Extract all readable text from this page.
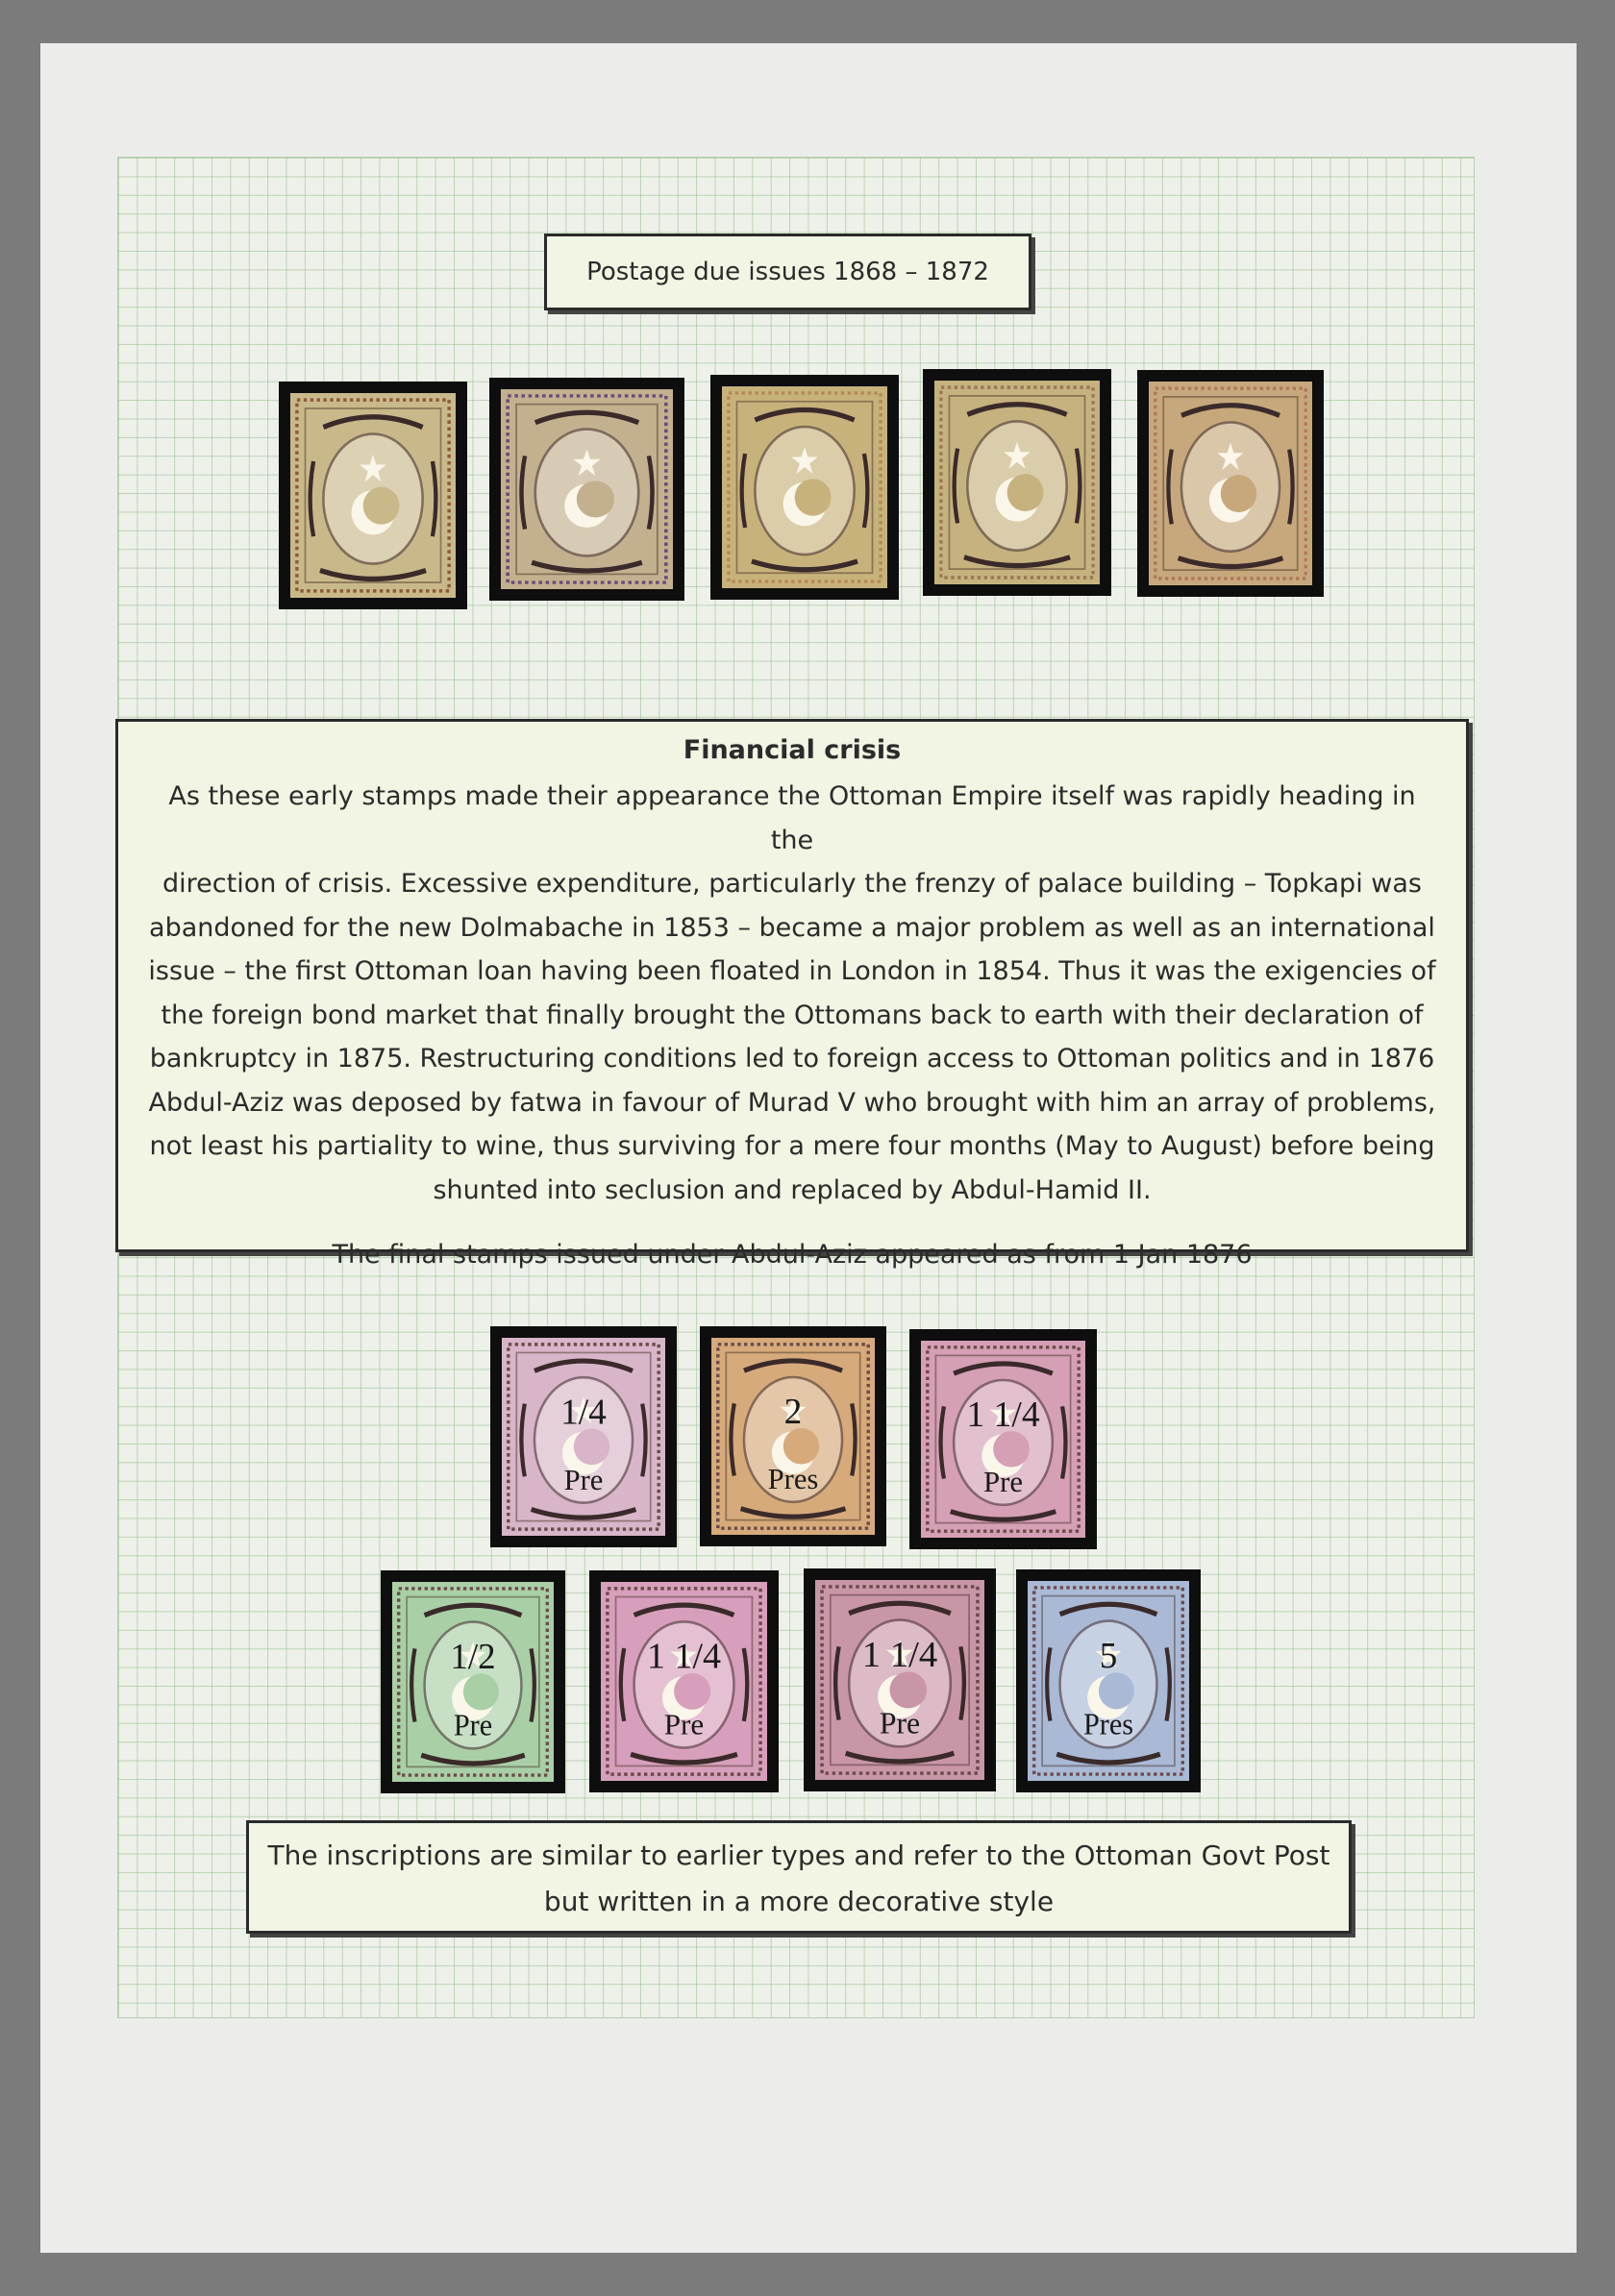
Postage due issues 1868 – 1872
Financial crisis

As these early stamps made their appearance the Ottoman Empire itself was rapidly heading in the
direction of crisis. Excessive expenditure, particularly the frenzy of palace building – Topkapi was
abandoned for the new Dolmabache in 1853 – became a major problem as well as an international
issue – the first Ottoman loan having been floated in London in 1854. Thus it was the exigencies of
the foreign bond market that finally brought the Ottomans back to earth with their declaration of
bankruptcy in 1875. Restructuring conditions led to foreign access to Ottoman politics and in 1876
Abdul-Aziz was deposed by fatwa in favour of Murad V who brought with him an array of problems,
not least his partiality to wine, thus surviving for a mere four months (May to August) before being
shunted into seclusion and replaced by Abdul-Hamid II.

The final stamps issued under Abdul-Aziz appeared as from 1 Jan 1876

1/4
Pre
2
Pres
1 1/4
Pre
1/2
Pre
1 1/4
Pre
1 1/4
Pre
5
Pres
The inscriptions are similar to earlier types and refer to the Ottoman Govt Post
but written in a more decorative style
